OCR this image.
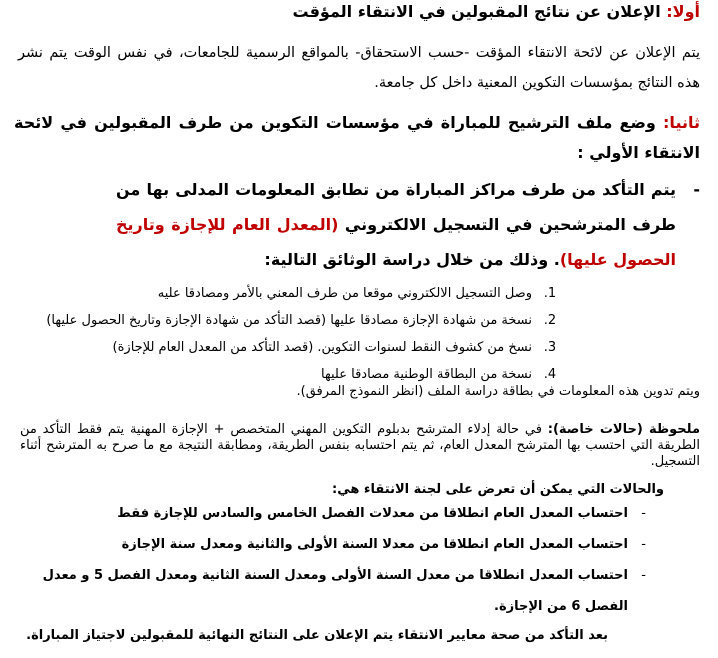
أولا: الإعلان عن نتائج المقبولين في الانتقاء المؤقت
يتم الإعلان عن لائحة الانتقاء المؤقت -حسب الاستحقاق- بالمواقع الرسمية للجامعات، في نفس الوقت يتم نشر هذه النتائج بمؤسسات التكوين المعنية داخل كل جامعة.
ثانيا: وضع ملف الترشيح للمباراة في مؤسسات التكوين من طرف المقبولين في لائحة الانتقاء الأولي :
-
يتم التأكد من طرف مراكز المباراة من تطابق المعلومات المدلى بها من طرف المترشحين في التسجيل الالكتروني (المعدل العام للإجازة وتاريخ الحصول عليها). وذلك من خلال دراسة الوثائق التالية:
1.
وصل التسجيل الالكتروني موقعا من طرف المعني بالأمر ومصادقا عليه
2.
نسخة من شهادة الإجازة مصادقا عليها (قصد التأكد من شهادة الإجازة وتاريخ الحصول عليها)
3.
نسخ من كشوف النقط لسنوات التكوين. (قصد التأكد من المعدل العام للإجازة)
4.
نسخة من البطاقة الوطنية مصادقا عليها
ويتم تدوين هذه المعلومات في بطاقة دراسة الملف (انظر النموذج المرفق).
ملحوظة (حالات خاصة): في حالة إدلاء المترشح بدبلوم التكوين المهني المتخصص + الإجازة المهنية يتم فقط التأكد من الطريقة التي احتسب بها المترشح المعدل العام، ثم يتم احتسابه بنفس الطريقة، ومطابقة النتيجة مع ما صرح به المترشح أثناء التسجيل.
والحالات التي يمكن أن تعرض على لجنة الانتقاء هي:
-
احتساب المعدل العام انطلاقا من معدلات الفصل الخامس والسادس للإجازة فقط
-
احتساب المعدل العام انطلاقا من معدلا السنة الأولى والثانية ومعدل سنة الإجازة
-
احتساب المعدل انطلاقا من معدل السنة الأولى ومعدل السنة الثانية ومعدل الفصل 5 و معدل الفصل 6 من الإجازة.
بعد التأكد من صحة معايير الانتقاء يتم الإعلان على النتائج النهائية للمقبولين لاجتياز المباراة.
